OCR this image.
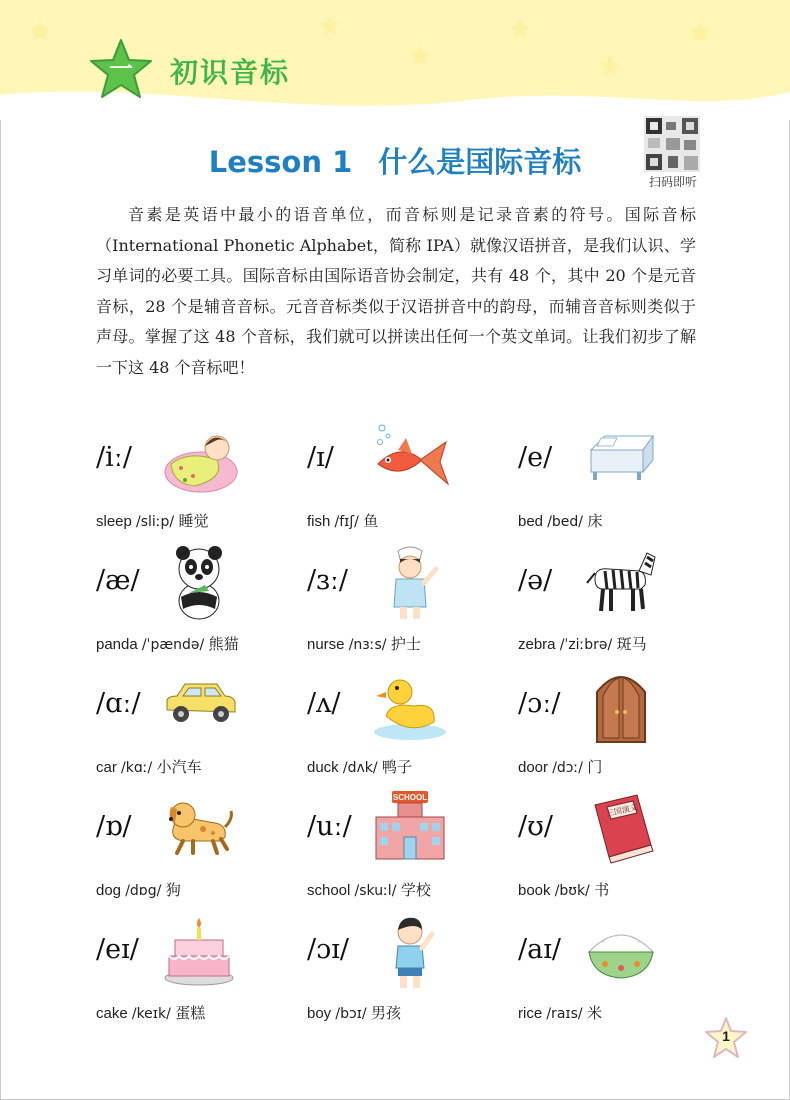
一	初识音标
Lesson 1 什么是国际音标
扫码即听

音素是英语中最小的语音单位，而音标则是记录音素的符号。国际音标（International Phonetic Alphabet，简称 IPA）就像汉语拼音，是我们认识、学习单词的必要工具。国际音标由国际语音协会制定，共有 48 个，其中 20 个是元音音标，28 个是辅音音标。元音音标类似于汉语拼音中的韵母，而辅音音标则类似于声母。掌握了这 48 个音标，我们就可以拼读出任何一个英文单词。让我们初步了解一下这 48 个音标吧！

/iː/
sleep /sliːp/ 睡觉
/ɪ/
fish /fɪʃ/ 鱼
/e/
bed /bed/ 床
/æ/
panda /ˈpændə/ 熊猫
/ɜː/
nurse /nɜːs/ 护士
/ə/
zebra /ˈziːbrə/ 斑马
/ɑː/
car /kɑː/ 小汽车
/ʌ/
duck /dʌk/ 鸭子
/ɔː/
door /dɔː/ 门
/ɒ/
dog /dɒg/ 狗
/uː/
SCHOOL
school /skuːl/ 学校
/ʊ/
三国演义
book /bʊk/ 书
/eɪ/
cake /keɪk/ 蛋糕
/ɔɪ/
boy /bɔɪ/ 男孩
/aɪ/
rice /raɪs/ 米
1
